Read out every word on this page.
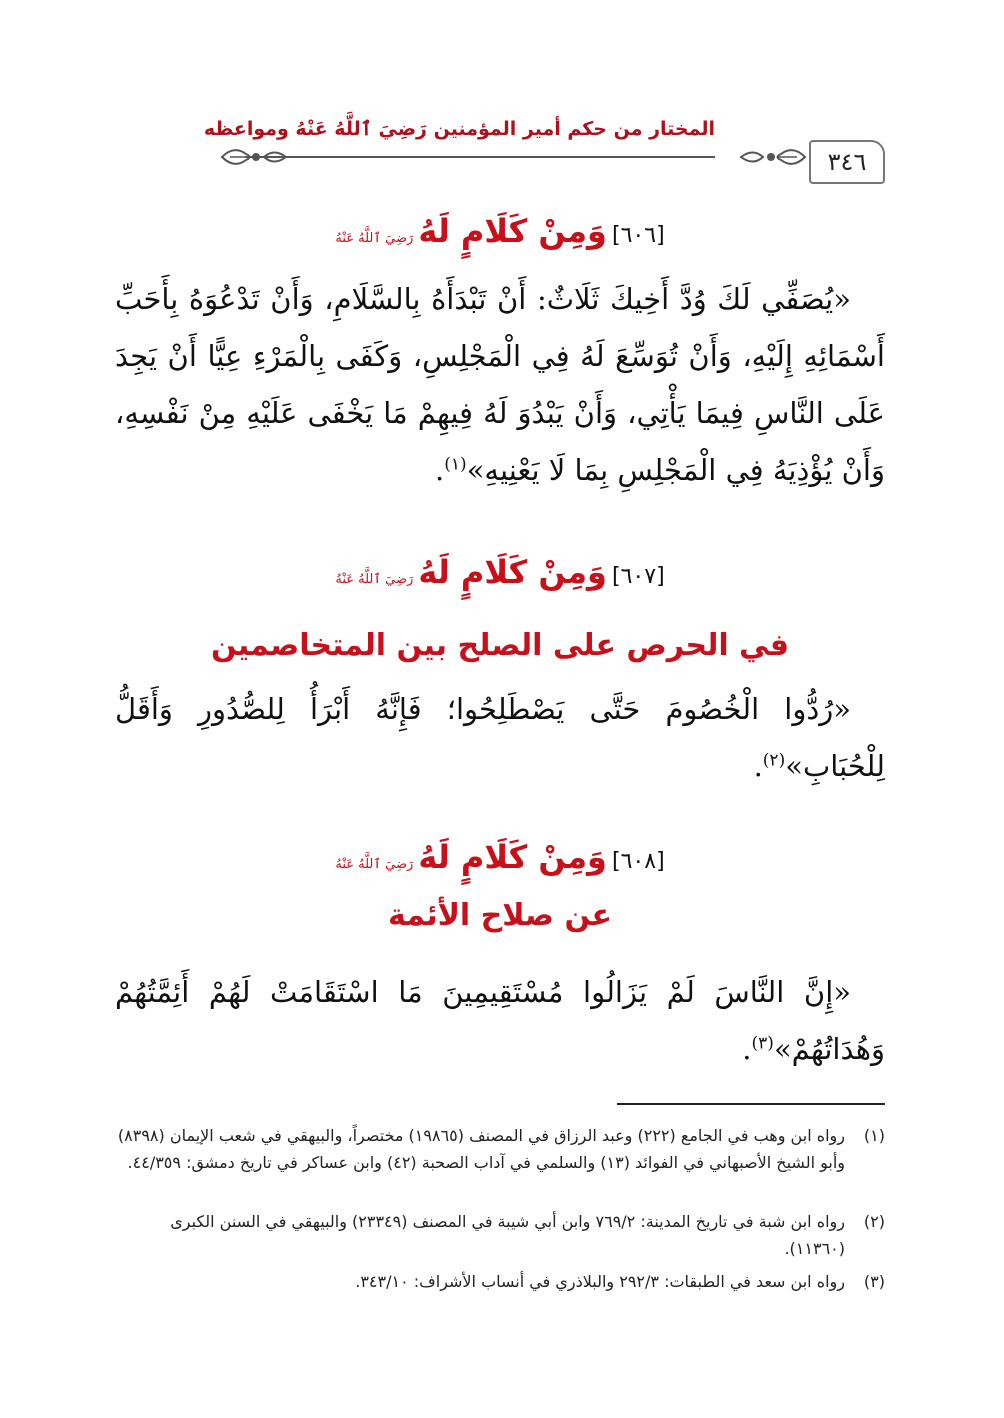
٣٤٦
المختار من حكم أمير المؤمنين رَضِيَ ٱللَّهُ عَنْهُ ومواعظه
[٦٠٦] وَمِنْ كَلَامٍ لَهُ رَضِيَ ٱللَّهُ عَنْهُ
«يُصَفِّي لَكَ وُدَّ أَخِيكَ ثَلَاثٌ: أَنْ تَبْدَأَهُ بِالسَّلَامِ، وَأَنْ تَدْعُوَهُ بِأَحَبِّ أَسْمَائِهِ إِلَيْهِ، وَأَنْ تُوَسِّعَ لَهُ فِي الْمَجْلِسِ، وَكَفَى بِالْمَرْءِ عِيًّا أَنْ يَجِدَ عَلَى النَّاسِ فِيمَا يَأْتِي، وَأَنْ يَبْدُوَ لَهُ فِيهِمْ مَا يَخْفَى عَلَيْهِ مِنْ نَفْسِهِ، وَأَنْ يُؤْذِيَهُ فِي الْمَجْلِسِ بِمَا لَا يَعْنِيهِ»$^{(١)}$.
[٦٠٧] وَمِنْ كَلَامٍ لَهُ رَضِيَ ٱللَّهُ عَنْهُ
في الحرص على الصلح بين المتخاصمين
«رُدُّوا الْخُصُومَ حَتَّى يَصْطَلِحُوا؛ فَإِنَّهُ أَبْرَأُ لِلصُّدُورِ وَأَقَلُّ لِلْحُبَابِ»$^{(٢)}$.
[٦٠٨] وَمِنْ كَلَامٍ لَهُ رَضِيَ ٱللَّهُ عَنْهُ
عن صلاح الأئمة
«إِنَّ النَّاسَ لَمْ يَزَالُوا مُسْتَقِيمِينَ مَا اسْتَقَامَتْ لَهُمْ أَئِمَّتُهُمْ وَهُدَاتُهُمْ»$^{(٣)}$.
(١)
رواه ابن وهب في الجامع (٢٢٢) وعبد الرزاق في المصنف (١٩٨٦٥) مختصراً، والبيهقي في شعب الإيمان (٨٣٩٨) وأبو الشيخ الأصبهاني في الفوائد (١٣) والسلمي في آداب الصحبة (٤٢) وابن عساكر في تاريخ دمشق: ٤٤/٣٥٩.
(٢)
رواه ابن شبة في تاريخ المدينة: ٧٦٩/٢ وابن أبي شيبة في المصنف (٢٣٣٤٩) والبيهقي في السنن الكبرى (١١٣٦٠).
(٣)
رواه ابن سعد في الطبقات: ٢٩٢/٣ والبلاذري في أنساب الأشراف: ٣٤٣/١٠.
